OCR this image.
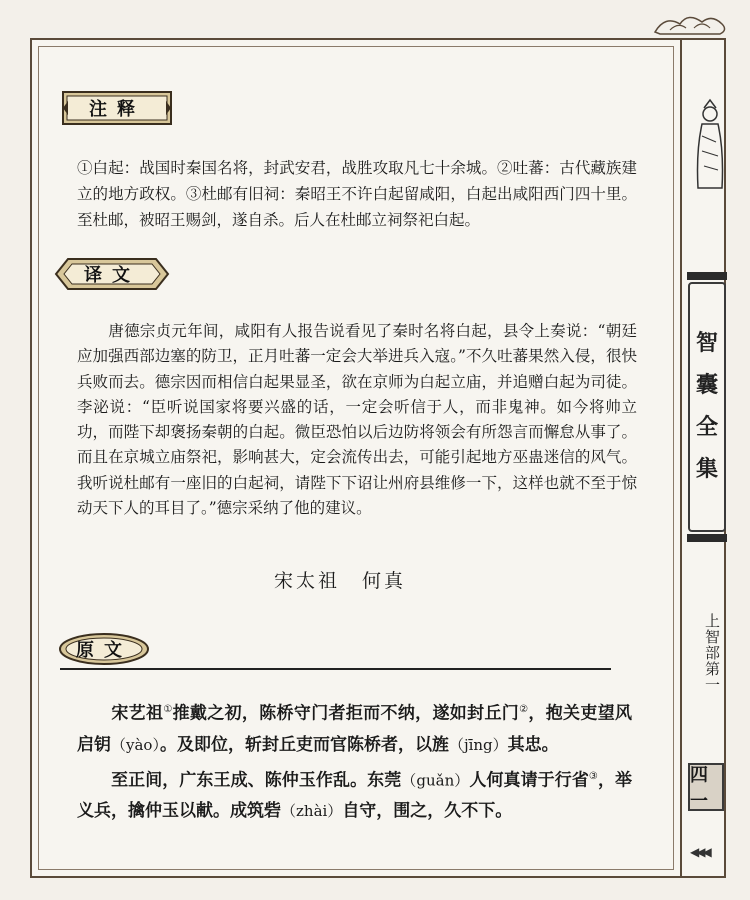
智
囊
全
集
上智部第一
四一
◀◀◀
注释
①白起：战国时秦国名将，封武安君，战胜攻取凡七十余城。②吐蕃：古代藏族建立的地方政权。③杜邮有旧祠：秦昭王不许白起留咸阳，白起出咸阳西门四十里。至杜邮，被昭王赐剑，遂自杀。后人在杜邮立祠祭祀白起。
译文
唐德宗贞元年间，咸阳有人报告说看见了秦时名将白起，县令上奏说：“朝廷应加强西部边塞的防卫，正月吐蕃一定会大举进兵入寇。”不久吐蕃果然入侵，很快兵败而去。德宗因而相信白起果显圣，欲在京师为白起立庙，并追赠白起为司徒。李泌说：“臣听说国家将要兴盛的话，一定会听信于人，而非鬼神。如今将帅立功，而陛下却褒扬秦朝的白起。微臣恐怕以后边防将领会有所怨言而懈怠从事了。而且在京城立庙祭祀，影响甚大，定会流传出去，可能引起地方巫蛊迷信的风气。我听说杜邮有一座旧的白起祠，请陛下下诏让州府县维修一下，这样也就不至于惊动天下人的耳目了。”德宗采纳了他的建议。
宋太祖　何真
原文
宋艺祖①推戴之初，陈桥守门者拒而不纳，遂如封丘门②，抱关吏望风启钥（yào）。及即位，斩封丘吏而官陈桥者，以旌（jīng）其忠。
至正间，广东王成、陈仲玉作乱。东莞（guǎn）人何真请于行省③，举义兵，擒仲玉以献。成筑砦（zhài）自守，围之，久不下。
